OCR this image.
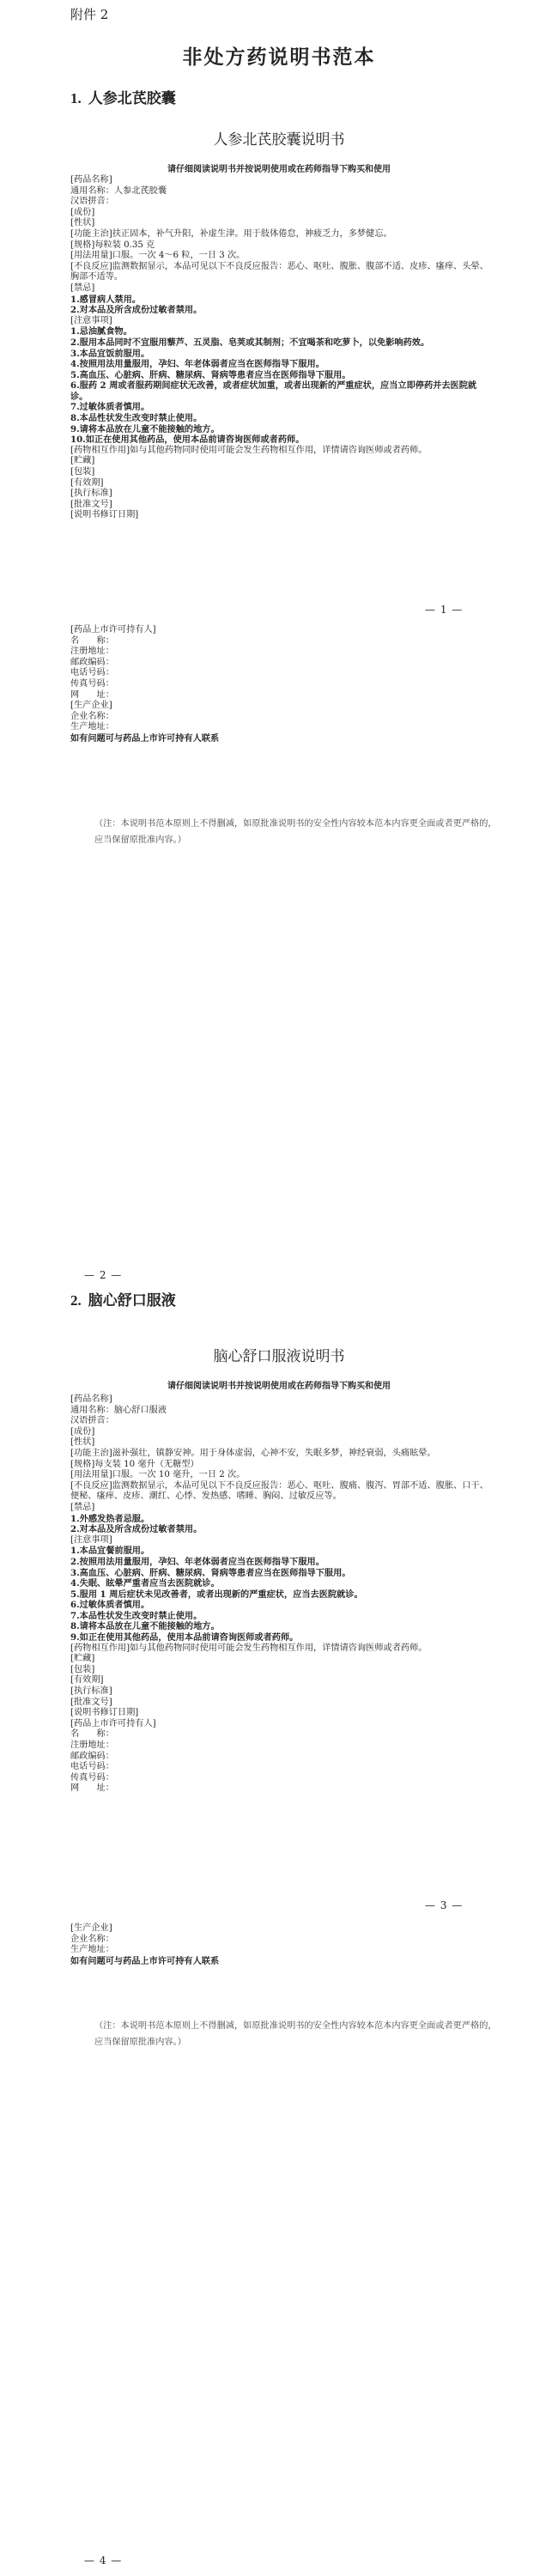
附件 2
非处方药说明书范本
1. 人参北芪胶囊
人参北芪胶囊说明书
请仔细阅读说明书并按说明使用或在药师指导下购买和使用
[药品名称]
通用名称：人参北芪胶囊
汉语拼音：
[成份]
[性状]
[功能主治]扶正固本，补气升阳，补虚生津。用于肢体倦怠，神疲乏力，多梦健忘。
[规格]每粒装 0.35 克
[用法用量]口服。一次 4～6 粒，一日 3 次。
[不良反应]监测数据显示，本品可见以下不良反应报告：恶心、呕吐、腹胀、腹部不适、皮疹、瘙痒、头晕、胸部不适等。
[禁忌]
1.感冒病人禁用。
2.对本品及所含成份过敏者禁用。
[注意事项]
1.忌油腻食物。
2.服用本品同时不宜服用藜芦、五灵脂、皂荚或其制剂；不宜喝茶和吃萝卜，以免影响药效。
3.本品宜饭前服用。
4.按照用法用量服用，孕妇、年老体弱者应当在医师指导下服用。
5.高血压、心脏病、肝病、糖尿病、肾病等患者应当在医师指导下服用。
6.服药 2 周或者服药期间症状无改善，或者症状加重，或者出现新的严重症状，应当立即停药并去医院就诊。
7.过敏体质者慎用。
8.本品性状发生改变时禁止使用。
9.请将本品放在儿童不能接触的地方。
10.如正在使用其他药品，使用本品前请咨询医师或者药师。
[药物相互作用]如与其他药物同时使用可能会发生药物相互作用，详情请咨询医师或者药师。
[贮藏]
[包装]
[有效期]
[执行标准]
[批准文号]
[说明书修订日期]
— 1 —
[药品上市许可持有人]
名　　称：
注册地址：
邮政编码：
电话号码：
传真号码：
网　　址：
[生产企业]
企业名称：
生产地址：
如有问题可与药品上市许可持有人联系
（注：本说明书范本原则上不得删减，如原批准说明书的安全性内容较本范本内容更全面或者更严格的，应当保留原批准内容。）
— 2 —
2. 脑心舒口服液
脑心舒口服液说明书
请仔细阅读说明书并按说明使用或在药师指导下购买和使用
[药品名称]
通用名称：脑心舒口服液
汉语拼音：
[成份]
[性状]
[功能主治]滋补强壮，镇静安神。用于身体虚弱，心神不安，失眠多梦，神经衰弱，头痛眩晕。
[规格]每支装 10 毫升（无糖型）
[用法用量]口服。一次 10 毫升，一日 2 次。
[不良反应]监测数据显示，本品可见以下不良反应报告：恶心、呕吐、腹痛、腹泻、胃部不适、腹胀、口干、便秘、瘙痒、皮疹、潮红、心悸、发热感、嗜睡、胸闷、过敏反应等。
[禁忌]
1.外感发热者忌服。
2.对本品及所含成份过敏者禁用。
[注意事项]
1.本品宜餐前服用。
2.按照用法用量服用，孕妇、年老体弱者应当在医师指导下服用。
3.高血压、心脏病、肝病、糖尿病、肾病等患者应当在医师指导下服用。
4.失眠、眩晕严重者应当去医院就诊。
5.服用 1 周后症状未见改善者，或者出现新的严重症状，应当去医院就诊。
6.过敏体质者慎用。
7.本品性状发生改变时禁止使用。
8.请将本品放在儿童不能接触的地方。
9.如正在使用其他药品，使用本品前请咨询医师或者药师。
[药物相互作用]如与其他药物同时使用可能会发生药物相互作用，详情请咨询医师或者药师。
[贮藏]
[包装]
[有效期]
[执行标准]
[批准文号]
[说明书修订日期]
[药品上市许可持有人]
名　　称：
注册地址：
邮政编码：
电话号码：
传真号码：
网　　址：
— 3 —
[生产企业]
企业名称：
生产地址：
如有问题可与药品上市许可持有人联系
（注：本说明书范本原则上不得删减，如原批准说明书的安全性内容较本范本内容更全面或者更严格的，应当保留原批准内容。）
— 4 —
